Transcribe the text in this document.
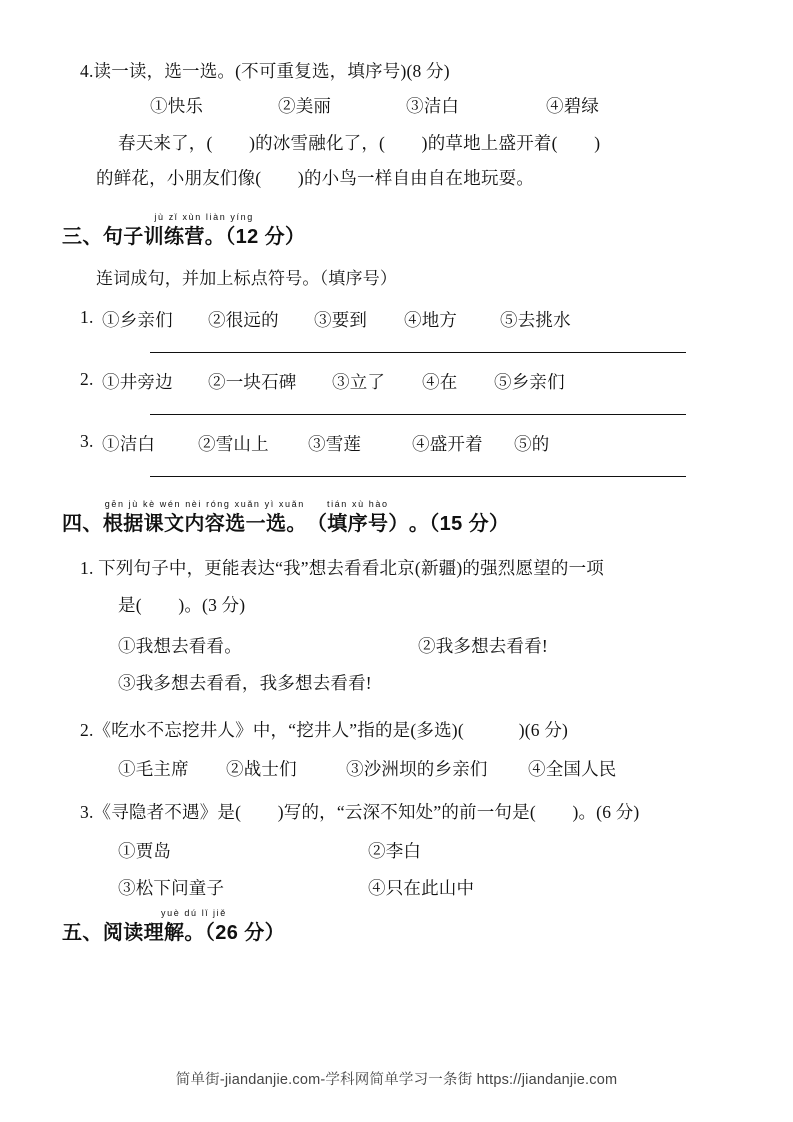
4.读一读，选一选。(不可重复选，填序号)(8 分)
①快乐	②美丽	③洁白	④碧绿
春天来了，(        )的冰雪融化了，(        )的草地上盛开着(        )
的鲜花，小朋友们像(        )的小鸟一样自由自在地玩耍。
三、
jù zǐ xùn liàn yíng
句子训练营。（12 分）
连词成句，并加上标点符号。（填序号）
1. ①乡亲们	②很远的	③要到	④地方	⑤去挑水
2. ①井旁边	②一块石碑	③立了	④在	⑤乡亲们
3. ①洁白	②雪山上	③雪莲	④盛开着	⑤的
四、
gēn jù kè wén nèi róng xuǎn yì xuǎn
根据课文内容选一选。
tián xù hào
（填序号）。（15 分）
1. 下列句子中，更能表达“我”想去看看北京(新疆)的强烈愿望的一项
是(        )。(3 分)
①我想去看看。	②我多想去看看!
③我多想去看看，我多想去看看!
2.《吃水不忘挖井人》中，“挖井人”指的是(多选)(            )(6 分)
①毛主席	②战士们	③沙洲坝的乡亲们	④全国人民
3.《寻隐者不遇》是(        )写的，“云深不知处”的前一句是(        )。(6 分)
①贾岛	②李白
③松下问童子	④只在此山中
五、
yuè dú lǐ jiě
阅读理解。（26 分）
简单街-jiandanjie.com-学科网简单学习一条街 https://jiandanjie.com
